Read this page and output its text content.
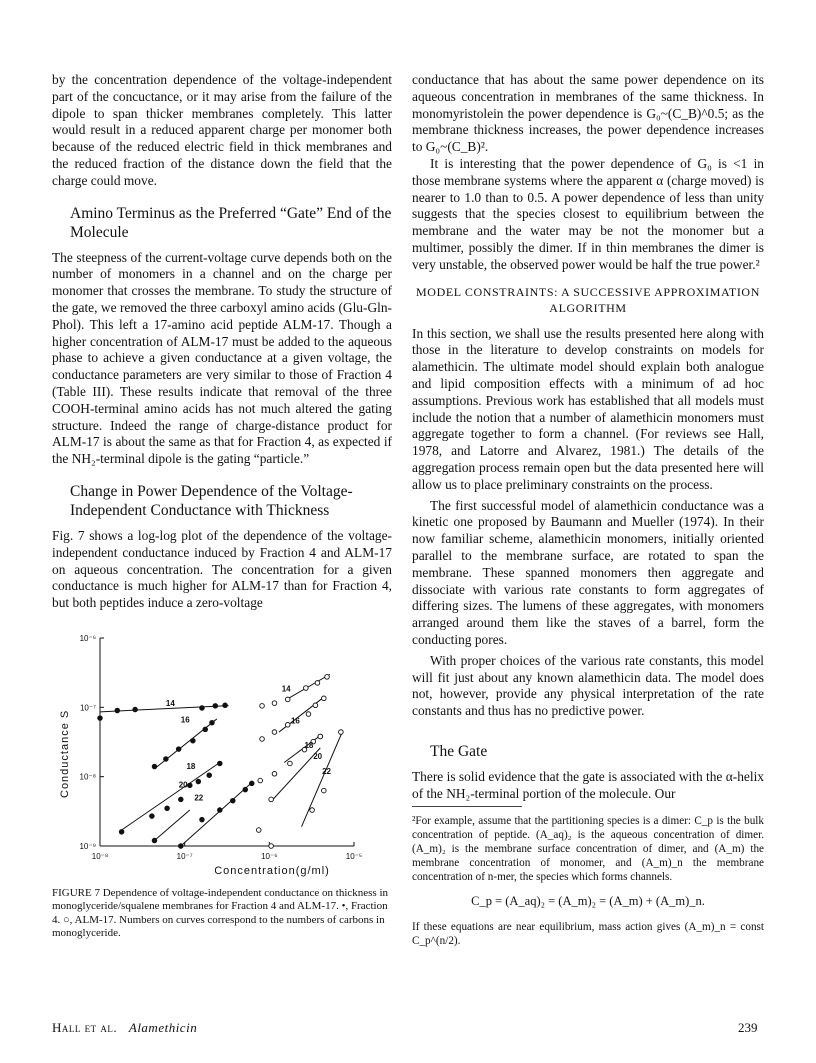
by the concentration dependence of the voltage-independent part of the concuctance, or it may arise from the failure of the dipole to span thicker membranes completely. This latter would result in a reduced apparent charge per monomer both because of the reduced electric field in thick membranes and the reduced fraction of the distance down the field that the charge could move.

Amino Terminus as the Preferred “Gate” End of the Molecule

The steepness of the current-voltage curve depends both on the number of monomers in a channel and on the charge per monomer that crosses the membrane. To study the structure of the gate, we removed the three carboxyl amino acids (Glu-Gln-Phol). This left a 17-amino acid peptide ALM-17. Though a higher concentration of ALM-17 must be added to the aqueous phase to achieve a given conductance at a given voltage, the conductance parameters are very similar to those of Fraction 4 (Table III). These results indicate that removal of the three COOH-terminal amino acids has not much altered the gating structure. Indeed the range of charge-distance product for ALM-17 is about the same as that for Fraction 4, as expected if the NH₂-terminal dipole is the gating “particle.”

Change in Power Dependence of the Voltage-Independent Conductance with Thickness

Fig. 7 shows a log-log plot of the dependence of the voltage-independent conductance induced by Fraction 4 and ALM-17 on aqueous concentration. The concentration for a given conductance is much higher for ALM-17 than for Fraction 4, but both peptides induce a zero-voltage

10⁻⁸	10⁻⁷	10⁻⁶	10⁻⁵
10⁻⁹
10⁻⁸
10⁻⁷
10⁻⁶
14
16
18
20
22
14
16
18
20
22
Conductance S
Concentration(g/ml)
FIGURE 7 Dependence of voltage-independent conductance on thickness in monoglyceride/squalene membranes for Fraction 4 and ALM-17. •, Fraction 4. ○, ALM-17. Numbers on curves correspond to the numbers of carbons in monoglyceride.

conductance that has about the same power dependence on its aqueous concentration in membranes of the same thickness. In monomyristolein the power dependence is G₀~(C_B)^0.5; as the membrane thickness increases, the power dependence increases to G₀~(C_B)².

It is interesting that the power dependence of G₀ is <1 in those membrane systems where the apparent α (charge moved) is nearer to 1.0 than to 0.5. A power dependence of less than unity suggests that the species closest to equilibrium between the membrane and the water may be not the monomer but a multimer, possibly the dimer. If in thin membranes the dimer is very unstable, the observed power would be half the true power.²

MODEL CONSTRAINTS: A SUCCESSIVE APPROXIMATION ALGORITHM

In this section, we shall use the results presented here along with those in the literature to develop constraints on models for alamethicin. The ultimate model should explain both analogue and lipid composition effects with a minimum of ad hoc assumptions. Previous work has established that all models must include the notion that a number of alamethicin monomers must aggregate together to form a channel. (For reviews see Hall, 1978, and Latorre and Alvarez, 1981.) The details of the aggregation process remain open but the data presented here will allow us to place preliminary constraints on the process.

The first successful model of alamethicin conductance was a kinetic one proposed by Baumann and Mueller (1974). In their now familiar scheme, alamethicin monomers, initially oriented parallel to the membrane surface, are rotated to span the membrane. These spanned monomers then aggregate and dissociate with various rate constants to form aggregates of differing sizes. The lumens of these aggregates, with monomers arranged around them like the staves of a barrel, form the conducting pores.

With proper choices of the various rate constants, this model will fit just about any known alamethicin data. The model does not, however, provide any physical interpretation of the rate constants and thus has no predictive power.

The Gate

There is solid evidence that the gate is associated with the α-helix of the NH₂-terminal portion of the molecule. Our

²For example, assume that the partitioning species is a dimer: C_p is the bulk concentration of peptide. (A_aq)₂ is the aqueous concentration of dimer. (A_m)₂ is the membrane surface concentration of dimer, and (A_m) the membrane concentration of monomer, and (A_m)_n the membrane concentration of n-mer, the species which forms channels.

C_p = (A_aq)₂ = (A_m)₂ = (A_m) + (A_m)_n.

If these equations are near equilibrium, mass action gives (A_m)_n = const C_p^(n/2).

Hall et al. Alamethicin	239
